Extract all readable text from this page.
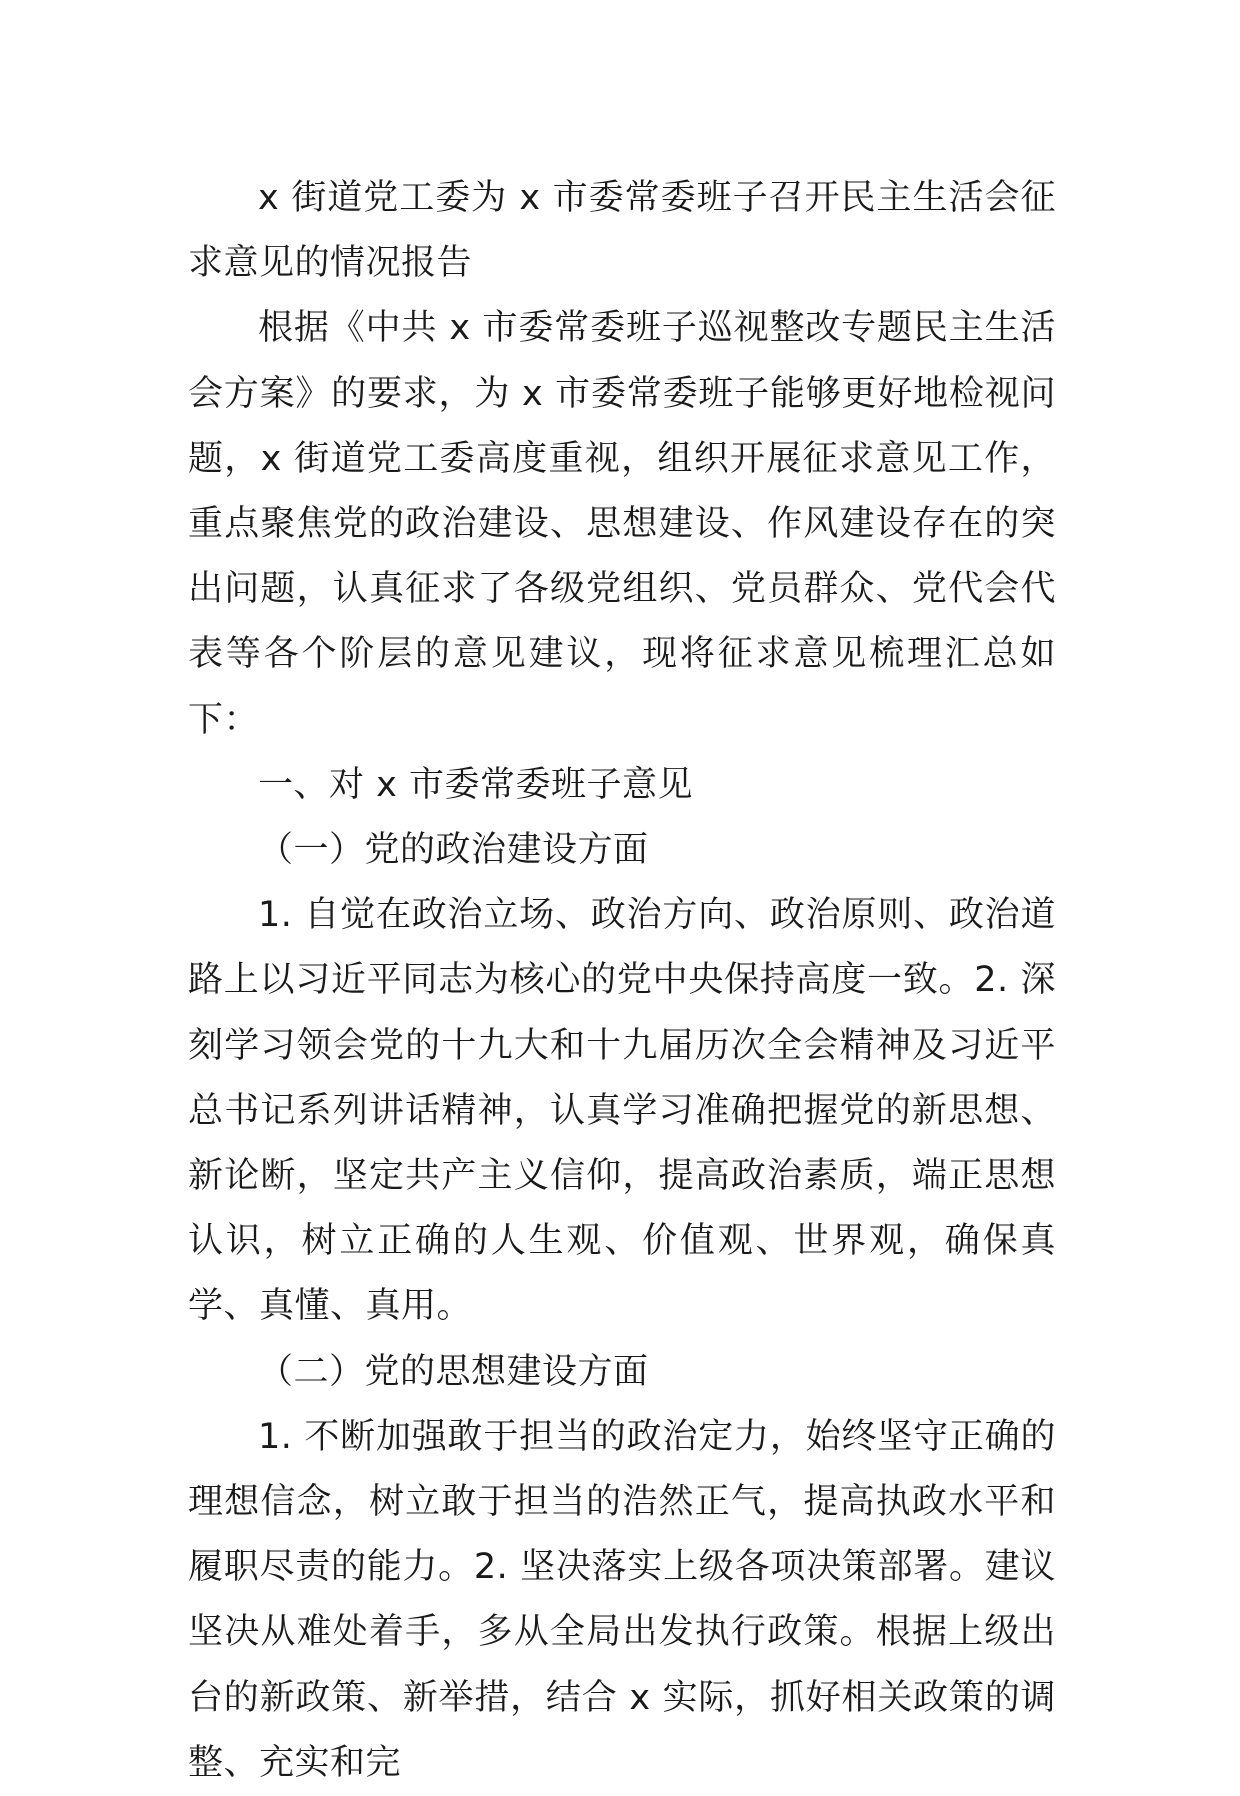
x 街道党工委为 x 市委常委班子召开民主生活会征求意见的情况报告

根据《中共 x 市委常委班子巡视整改专题民主生活会方案》的要求，为 x 市委常委班子能够更好地检视问题，x 街道党工委高度重视，组织开展征求意见工作，重点聚焦党的政治建设、思想建设、作风建设存在的突出问题，认真征求了各级党组织、党员群众、党代会代表等各个阶层的意见建议，现将征求意见梳理汇总如下：

一、对 x 市委常委班子意见

（一）党的政治建设方面

1. 自觉在政治立场、政治方向、政治原则、政治道路上以习近平同志为核心的党中央保持高度一致。2. 深刻学习领会党的十九大和十九届历次全会精神及习近平总书记系列讲话精神，认真学习准确把握党的新思想、新论断，坚定共产主义信仰，提高政治素质，端正思想认识，树立正确的人生观、价值观、世界观，确保真学、真懂、真用。

（二）党的思想建设方面

1. 不断加强敢于担当的政治定力，始终坚守正确的理想信念，树立敢于担当的浩然正气，提高执政水平和履职尽责的能力。2. 坚决落实上级各项决策部署。建议坚决从难处着手，多从全局出发执行政策。根据上级出台的新政策、新举措，结合 x 实际，抓好相关政策的调整、充实和完
